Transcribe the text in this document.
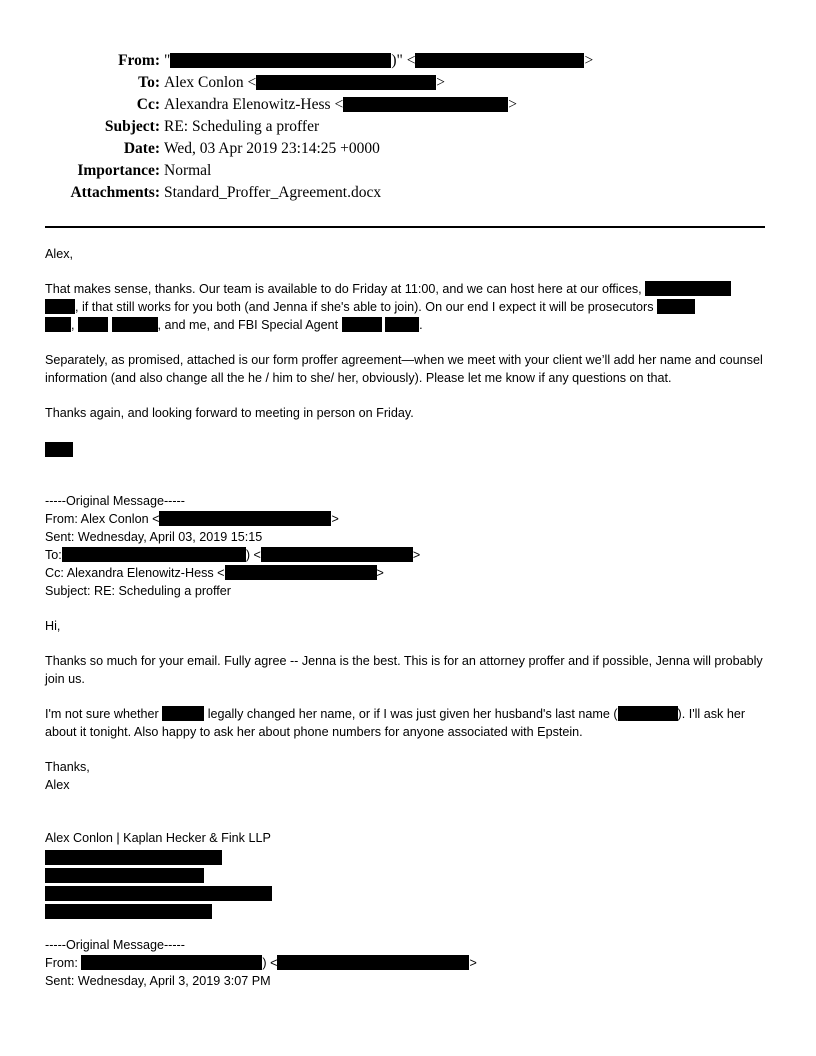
From: "	)" <	>
To: Alex Conlon <	>
Cc: Alexandra Elenowitz-Hess <	>
Subject: RE: Scheduling a proffer
Date: Wed, 03 Apr 2019 23:14:25 +0000
Importance: Normal
Attachments: Standard_Proffer_Agreement.docx

Alex,

That makes sense, thanks. Our team is available to do Friday at 11:00, and we can host here at our offices,
, if that still works for you both (and Jenna if she's able to join). On our end I expect it will be prosecutors
,	, and me, and FBI Special Agent	.

Separately, as promised, attached is our form proffer agreement—when we meet with your client we’ll add her name and counsel information (and also change all the he / him to she/ her, obviously). Please let me know if any questions on that.

Thanks again, and looking forward to meeting in person on Friday.

-----Original Message-----

From: Alex Conlon <	>

Sent: Wednesday, April 03, 2019 15:15

To:	) <	>

Cc: Alexandra Elenowitz-Hess <	>

Subject: RE: Scheduling a proffer

Hi,

Thanks so much for your email. Fully agree -- Jenna is the best. This is for an attorney proffer and if possible, Jenna will probably join us.

I'm not sure whether	legally changed her name, or if I was just given her husband's last name (	). I'll ask her about it tonight. Also happy to ask her about phone numbers for anyone associated with Epstein.

Thanks,

Alex

Alex Conlon | Kaplan Hecker & Fink LLP

-----Original Message-----

From:	) <	>

Sent: Wednesday, April 3, 2019 3:07 PM
